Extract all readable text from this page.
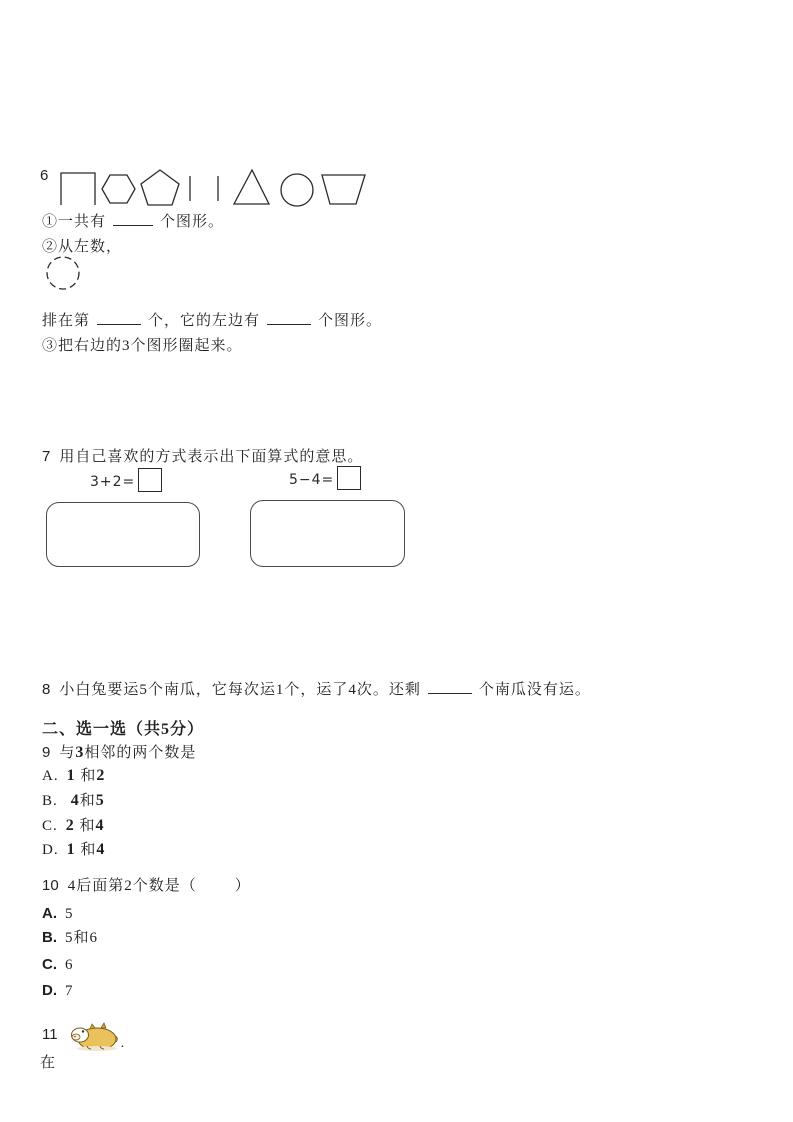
6
①一共有	个图形。
②从左数，
排在第	个，它的左边有	个图形。
③把右边的3个图形圈起来。
7 用自己喜欢的方式表示出下面算式的意思。
3+2=	5−4=
8 小白兔要运5个南瓜，它每次运1个，运了4次。还剩	个南瓜没有运。
二、选一选（共5分）
9 与3相邻的两个数是
A. 1 和2
B. 4和5
C. 2 和4
D. 1 和4
10 4后面第2个数是（        ）
A. 5
B. 5和6
C. 6
D. 7
11
.
在
